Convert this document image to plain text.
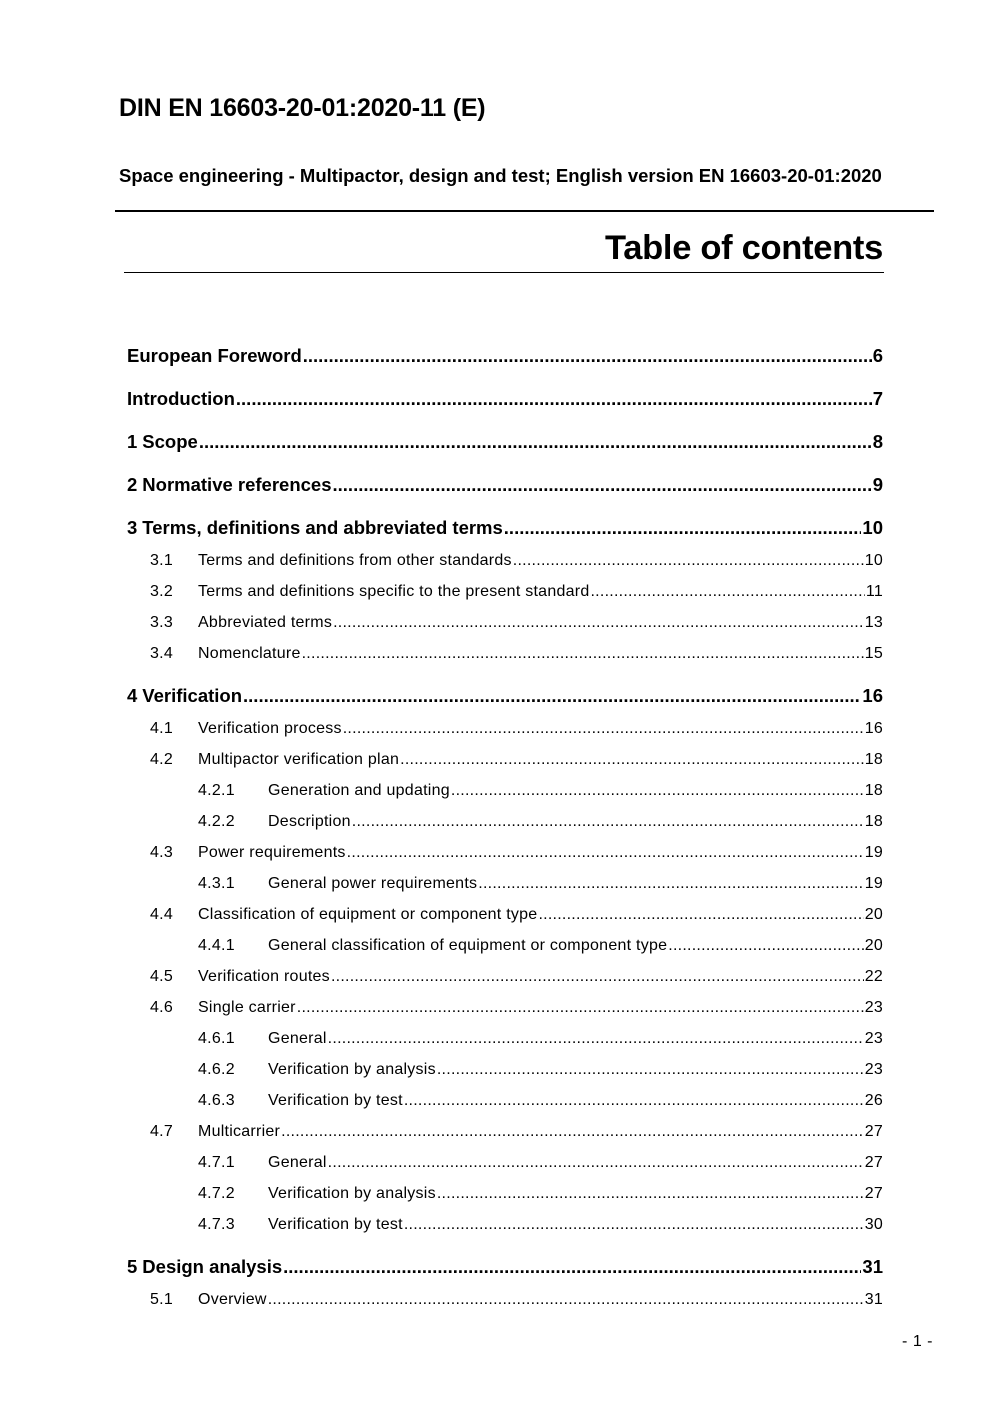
DIN EN 16603-20-01:2020-11 (E)
Space engineering - Multipactor, design and test; English version EN 16603-20-01:2020
Table of contents
European Foreword .....	6
Introduction .....	7
1 Scope .....	8
2 Normative references .....	9
3 Terms, definitions and abbreviated terms .....	10
3.1	Terms and definitions from other standards .....	10
3.2	Terms and definitions specific to the present standard .....	11
3.3	Abbreviated terms .....	13
3.4	Nomenclature .....	15
4 Verification .....	16
4.1	Verification process .....	16
4.2	Multipactor verification plan .....	18
4.2.1	Generation and updating .....	18
4.2.2	Description .....	18
4.3	Power requirements .....	19
4.3.1	General power requirements .....	19
4.4	Classification of equipment or component type .....	20
4.4.1	General classification of equipment or component type .....	20
4.5	Verification routes .....	22
4.6	Single carrier .....	23
4.6.1	General .....	23
4.6.2	Verification by analysis .....	23
4.6.3	Verification by test .....	26
4.7	Multicarrier .....	27
4.7.1	General .....	27
4.7.2	Verification by analysis .....	27
4.7.3	Verification by test .....	30
5 Design analysis .....	31
5.1	Overview .....	31
- 1 -
